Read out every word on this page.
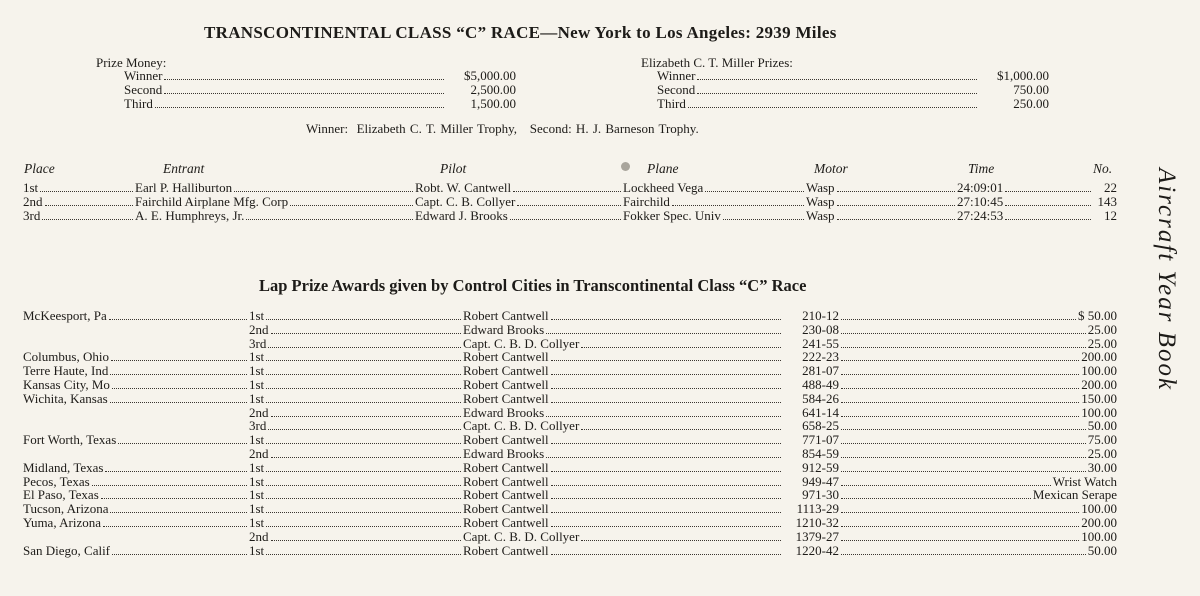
TRANSCONTINENTAL CLASS “C” RACE—New York to Los Angeles: 2939 Miles
Prize Money:
Winner	$5,000.00
Second	2,500.00
Third	1,500.00
Elizabeth C. T. Miller Prizes:
Winner	$1,000.00
Second	750.00
Third	250.00
Winner:  Elizabeth C. T. Miller Trophy,   Second: H. J. Barneson Trophy.
Place	Entrant	Pilot	Plane	Motor	Time	No.
1st	Earl P. Halliburton	Robt. W. Cantwell	Lockheed Vega	Wasp	24:09:01	22
2nd	Fairchild Airplane Mfg. Corp	Capt. C. B. Collyer	Fairchild	Wasp	27:10:45	143
3rd	A. E. Humphreys, Jr.	Edward J. Brooks	Fokker Spec. Univ	Wasp	27:24:53	12
Lap Prize Awards given by Control Cities in Transcontinental Class “C” Race
McKeesport, Pa	1st	Robert Cantwell	210-12	$ 50.00
2nd	Edward Brooks	230-08	25.00
3rd	Capt. C. B. D. Collyer	241-55	25.00
Columbus, Ohio	1st	Robert Cantwell	222-23	200.00
Terre Haute, Ind	1st	Robert Cantwell	281-07	100.00
Kansas City, Mo	1st	Robert Cantwell	488-49	200.00
Wichita, Kansas	1st	Robert Cantwell	584-26	150.00
2nd	Edward Brooks	641-14	100.00
3rd	Capt. C. B. D. Collyer	658-25	50.00
Fort Worth, Texas	1st	Robert Cantwell	771-07	75.00
2nd	Edward Brooks	854-59	25.00
Midland, Texas	1st	Robert Cantwell	912-59	30.00
Pecos, Texas	1st	Robert Cantwell	949-47	Wrist Watch
El Paso, Texas	1st	Robert Cantwell	971-30	Mexican Serape
Tucson, Arizona	1st	Robert Cantwell	1113-29	100.00
Yuma, Arizona	1st	Robert Cantwell	1210-32	200.00
2nd	Capt. C. B. D. Collyer	1379-27	100.00
San Diego, Calif	1st	Robert Cantwell	1220-42	50.00
Aircraft Year Book
